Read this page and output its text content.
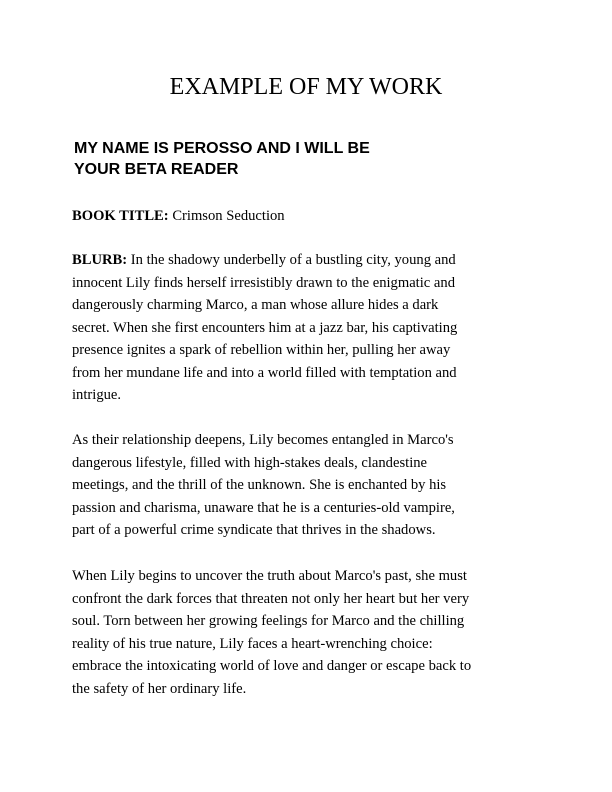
EXAMPLE OF MY WORK
MY NAME IS PEROSSO AND I WILL BE
YOUR BETA READER

BOOK TITLE: Crimson Seduction

BLURB: In the shadowy underbelly of a bustling city, young and
innocent Lily finds herself irresistibly drawn to the enigmatic and
dangerously charming Marco, a man whose allure hides a dark
secret. When she first encounters him at a jazz bar, his captivating
presence ignites a spark of rebellion within her, pulling her away
from her mundane life and into a world filled with temptation and
intrigue.

As their relationship deepens, Lily becomes entangled in Marco's
dangerous lifestyle, filled with high-stakes deals, clandestine
meetings, and the thrill of the unknown. She is enchanted by his
passion and charisma, unaware that he is a centuries-old vampire,
part of a powerful crime syndicate that thrives in the shadows.

When Lily begins to uncover the truth about Marco's past, she must
confront the dark forces that threaten not only her heart but her very
soul. Torn between her growing feelings for Marco and the chilling
reality of his true nature, Lily faces a heart-wrenching choice:
embrace the intoxicating world of love and danger or escape back to
the safety of her ordinary life.
